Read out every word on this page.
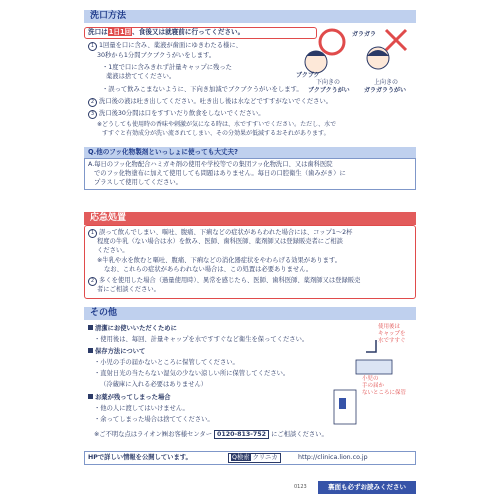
洗口方法
洗口は1日1回、食後又は就寝前に行ってください。
1 1回量を口に含み、薬液が歯面にゆきわたる様に、
30秒から1分間ブクブクうがいをします。
・1度で口に含みきれず計量キャップに残った
薬液は捨ててください。
・誤って飲みこまないように、下向き加減でブクブクうがいをします。
2 洗口後の液は吐き出してください。吐き出し後は水などですすがないでください。
3 洗口後30分間は口をすすいだり飲食をしないでください。
※どうしても使用時の香味や刺激が気になる時は、水ですすいでください。ただし、水で
すすぐと有効成分が洗い流されてしまい、その分効果が低減するおそれがあります。
ブクブク
ガラガラ
下向きの
ブクブクうがい
上向きの
ガラガラうがい
Q.他のフッ化物製剤といっしょに使っても大丈夫?
A.毎日のフッ化物配合ハミガキ剤の使用や学校等での集団フッ化物洗口、又は歯科医院
でのフッ化物塗布に加えて使用しても問題はありません。毎日の口腔衛生（歯みがき）に
プラスして使用してください。
応急処置
1 誤って飲んでしまい、嘔吐、腹痛、下痢などの症状があらわれた場合には、コップ1～2杯
程度の牛乳（ない場合は水）を飲み、医師、歯科医師、薬剤師又は登録販売者にご相談
ください。
※牛乳や水を飲むと嘔吐、腹痛、下痢などの消化器症状をやわらげる効果があります。
なお、これらの症状があらわれない場合は、この処置は必要ありません。
2 多くを使用した場合（過量使用時）、異常を感じたら、医師、歯科医師、薬剤師又は登録販売
者にご相談ください。
その他
清潔にお使いいただくために
・使用後は、毎回、計量キャップを水ですすぐなど衛生を保ってください。
保存方法について
・小児の手の届かないところに保管してください。
・直射日光の当たらない湿気の少ない涼しい所に保管してください。
（冷蔵庫に入れる必要はありません）
お薬が残ってしまった場合
・他の人に渡してはいけません。
・余ってしまった場合は捨ててください。
※ご不明な点はライオン㈱お客様センター 0120-813-752 にご相談ください。
使用後は
キャップを
水ですすぐ
小児の
手の届か
ないところに保管
HPで詳しい情報を公開しています。	Q検索 クリニカ	http://clinica.lion.co.jp
0123	裏面も必ずお読みください
